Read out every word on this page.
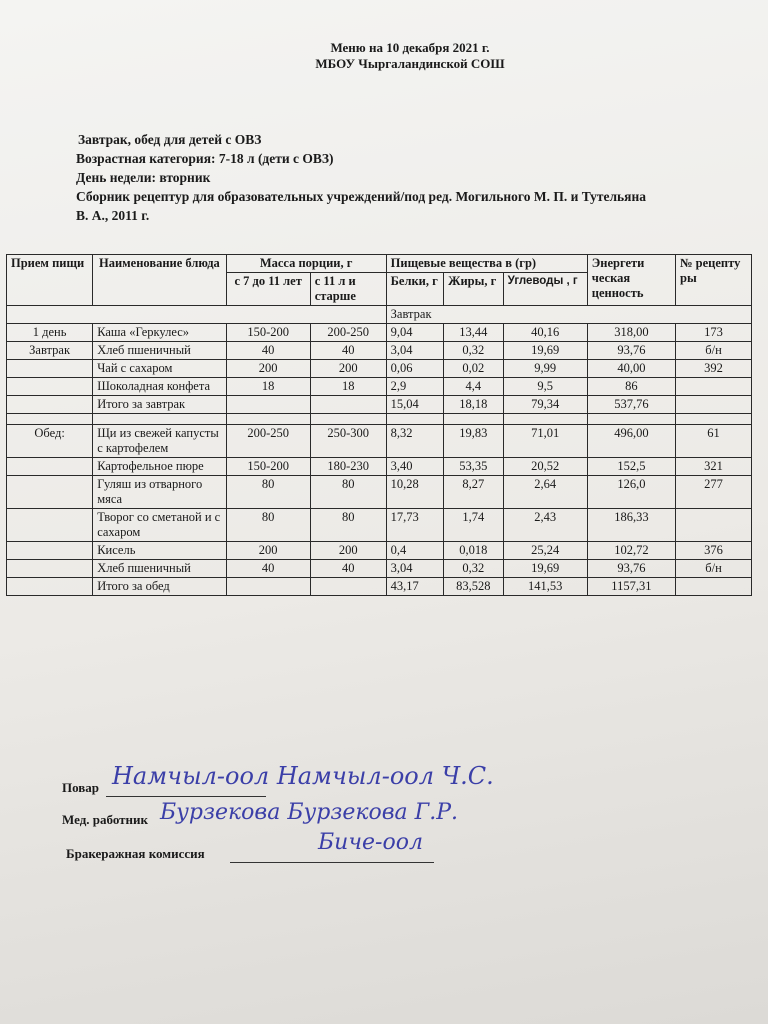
Меню на 10 декабря 2021 г.
МБОУ Чыргаландинской СОШ
Завтрак, обед для детей с ОВЗ
Возрастная категория: 7-18 л (дети с ОВЗ)
День недели: вторник
Сборник рецептур для образовательных учреждений/под ред. Могильного М. П. и Тутельяна
В. А., 2011 г.
Прием пищи	Наименование блюда	Масса порции, г		Пищевые вещества в (гр)			Энергети ческая ценность	№ рецепту ры
		с 7 до 11 лет	с 11 л и старше	Белки, г	Жиры, г	Углеводы , г		
				Завтрак				
1 день	Каша «Геркулес»	150-200	200-250	9,04	13,44	40,16	318,00	173
Завтрак	Хлеб пшеничный	40	40	3,04	0,32	19,69	93,76	б/н
	Чай с сахаром	200	200	0,06	0,02	9,99	40,00	392
	Шоколадная конфета	18	18	2,9	4,4	9,5	86	
	Итого за завтрак			15,04	18,18	79,34	537,76	

Обед:	Щи из свежей капусты с картофелем	200-250	250-300	8,32	19,83	71,01	496,00	61
	Картофельное пюре	150-200	180-230	3,40	53,35	20,52	152,5	321
	Гуляш из отварного мяса	80	80	10,28	8,27	2,64	126,0	277
	Творог со сметаной и с сахаром	80	80	17,73	1,74	2,43	186,33	
	Кисель	200	200	0,4	0,018	25,24	102,72	376
	Хлеб пшеничный	40	40	3,04	0,32	19,69	93,76	б/н
	Итого за обед			43,17	83,528	141,53	1157,31	
Повар Намчыл-оол Намчыл-оол Ч.С.
Мед. работник Бурзекова Бурзекова Г.Р.
Бракеражная комиссия	Биче-оол
